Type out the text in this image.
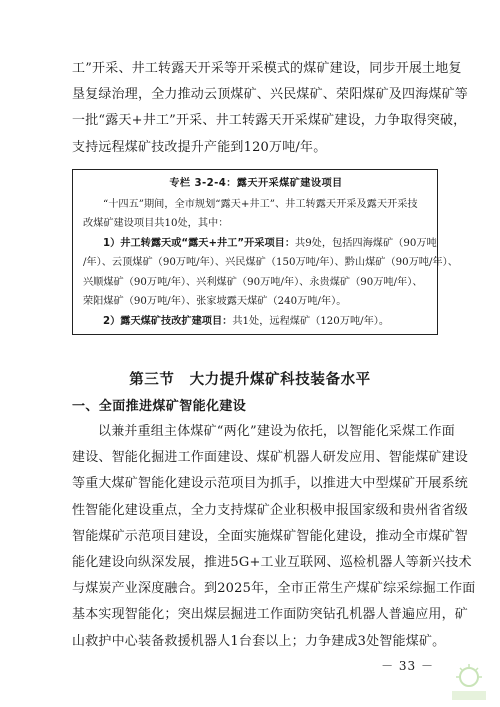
工”开采、井工转露天开采等开采模式的煤矿建设，同步开展土地复
垦复绿治理，全力推动云顶煤矿、兴民煤矿、荣阳煤矿及四海煤矿等
一批“露天+井工”开采、井工转露天开采煤矿建设，力争取得突破，
支持远程煤矿技改提升产能到120万吨/年。
专栏 3-2-4：露天开采煤矿建设项目
“十四五”期间，全市规划“露天+井工”、井工转露天开采及露天开采技
改煤矿建设项目共10处，其中：
1）井工转露天或“露天+井工”开采项目：共9处，包括四海煤矿（90万吨
/年）、云顶煤矿（90万吨/年）、兴民煤矿（150万吨/年）、黔山煤矿（90万吨/年）、
兴顺煤矿（90万吨/年）、兴利煤矿（90万吨/年）、永贵煤矿（90万吨/年）、
荣阳煤矿（90万吨/年）、张家坡露天煤矿（240万吨/年）。
2）露天煤矿技改扩建项目：共1处，远程煤矿（120万吨/年）。
第三节　大力提升煤矿科技装备水平
一、全面推进煤矿智能化建设
以兼并重组主体煤矿“两化”建设为依托，以智能化采煤工作面
建设、智能化掘进工作面建设、煤矿机器人研发应用、智能煤矿建设
等重大煤矿智能化建设示范项目为抓手，以推进大中型煤矿开展系统
性智能化建设重点，全力支持煤矿企业积极申报国家级和贵州省省级
智能煤矿示范项目建设，全面实施煤矿智能化建设，推动全市煤矿智
能化建设向纵深发展，推进5G+工业互联网、巡检机器人等新兴技术
与煤炭产业深度融合。到2025年，全市正常生产煤矿综采综掘工作面
基本实现智能化；突出煤层掘进工作面防突钻孔机器人普遍应用，矿
山救护中心装备救援机器人1台套以上；力争建成3处智能煤矿。
－ 33 －
